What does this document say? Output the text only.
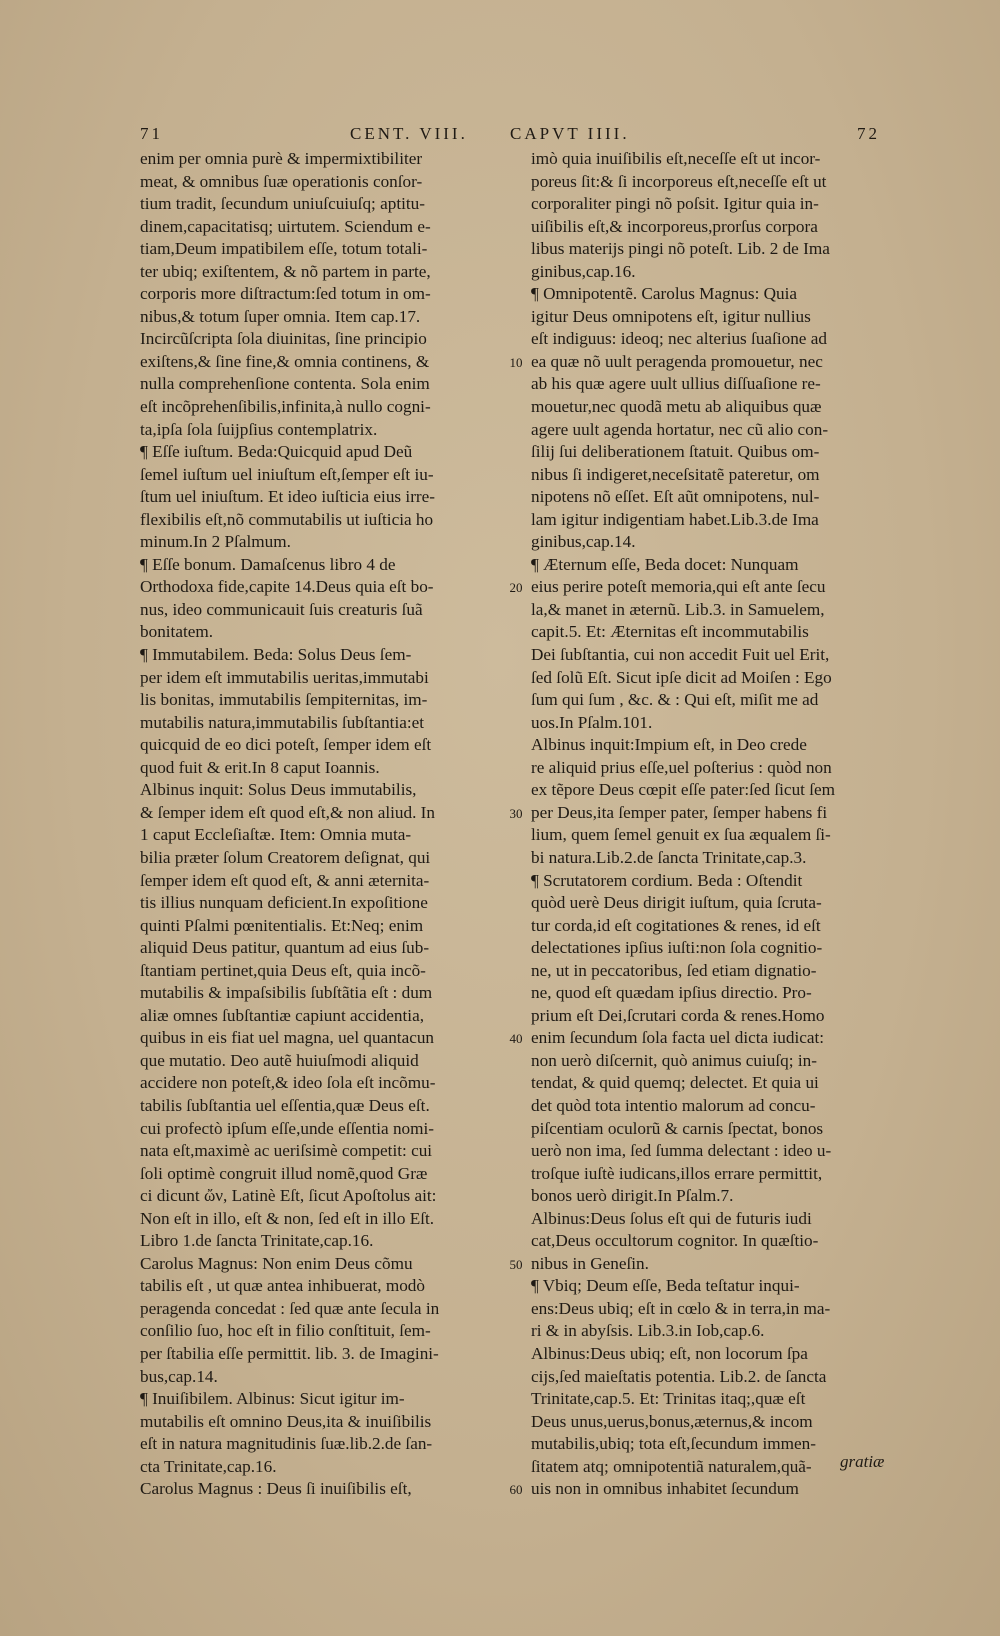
71	CENT. VIII. CAPVT IIII.	72
enim per omnia purè & impermixtibiliter
meat, & omnibus ſuæ operationis conſor-
tium tradit, ſecundum uniuſcuiuſq; aptitu-
dinem,capacitatisq; uirtutem. Sciendum e-
tiam,Deum impatibilem eſſe, totum totali-
ter ubiq; exiſtentem, & nõ partem in parte,
corporis more diſtractum:ſed totum in om-
nibus,& totum ſuper omnia. Item cap.17.
Incircũſcripta ſola diuinitas, ſine principio
exiſtens,& ſine fine,& omnia continens, &
nulla comprehenſione contenta. Sola enim
eſt incõprehenſibilis,infinita,à nullo cogni-
ta,ipſa ſola ſuijpſius contemplatrix.
¶ Eſſe iuſtum. Beda:Quicquid apud Deũ
ſemel iuſtum uel iniuſtum eſt,ſemper eſt iu-
ſtum uel iniuſtum. Et ideo iuſticia eius irre-
flexibilis eſt,nõ commutabilis ut iuſticia ho
minum.In 2 Pſalmum.
¶ Eſſe bonum. Damaſcenus libro 4 de
Orthodoxa fide,capite 14.Deus quia eſt bo-
nus, ideo communicauit ſuis creaturis ſuã
bonitatem.
¶ Immutabilem. Beda: Solus Deus ſem-
per idem eſt immutabilis ueritas,immutabi
lis bonitas, immutabilis ſempiternitas, im-
mutabilis natura,immutabilis ſubſtantia:et
quicquid de eo dici poteſt, ſemper idem eſt
quod fuit & erit.In 8 caput Ioannis.
Albinus inquit: Solus Deus immutabilis,
& ſemper idem eſt quod eſt,& non aliud. In
1 caput Eccleſiaſtæ. Item: Omnia muta-
bilia præter ſolum Creatorem deſignat, qui
ſemper idem eſt quod eſt, & anni æternita-
tis illius nunquam deficient.In expoſitione
quinti Pſalmi pœnitentialis. Et:Neq; enim
aliquid Deus patitur, quantum ad eius ſub-
ſtantiam pertinet,quia Deus eſt, quia incõ-
mutabilis & impaſsibilis ſubſtãtia eſt : dum
aliæ omnes ſubſtantiæ capiunt accidentia,
quibus in eis fiat uel magna, uel quantacun
que mutatio. Deo autẽ huiuſmodi aliquid
accidere non poteſt,& ideo ſola eſt incõmu-
tabilis ſubſtantia uel eſſentia,quæ Deus eſt.
cui profectò ipſum eſſe,unde eſſentia nomi-
nata eſt,maximè ac ueriſsimè competit: cui
ſoli optimè congruit illud nomẽ,quod Græ
ci dicunt ὤν, Latinè Eſt, ſicut Apoſtolus ait:
Non eſt in illo, eſt & non, ſed eſt in illo Eſt.
Libro 1.de ſancta Trinitate,cap.16.
Carolus Magnus: Non enim Deus cõmu
tabilis eſt , ut quæ antea inhibuerat, modò
peragenda concedat : ſed quæ ante ſecula in
conſilio ſuo, hoc eſt in filio conſtituit, ſem-
per ſtabilia eſſe permittit. lib. 3. de Imagini-
bus,cap.14.
¶ Inuiſibilem. Albinus: Sicut igitur im-
mutabilis eſt omnino Deus,ita & inuiſibilis
eſt in natura magnitudinis ſuæ.lib.2.de ſan-
cta Trinitate,cap.16.
Carolus Magnus : Deus ſi inuiſibilis eſt,
imò quia inuiſibilis eſt,neceſſe eſt ut incor-
poreus ſit:& ſi incorporeus eſt,neceſſe eſt ut
corporaliter pingi nõ poſsit. Igitur quia in-
uiſibilis eſt,& incorporeus,prorſus corpora
libus materijs pingi nõ poteſt. Lib. 2 de Ima
ginibus,cap.16.
¶ Omnipotentẽ. Carolus Magnus: Quia
igitur Deus omnipotens eſt, igitur nullius
eſt indiguus: ideoq; nec alterius ſuaſione ad
ea quæ nõ uult peragenda promouetur, nec
ab his quæ agere uult ullius diſſuaſione re-
mouetur,nec quodã metu ab aliquibus quæ
agere uult agenda hortatur, nec cũ alio con-
ſilij ſui deliberationem ſtatuit. Quibus om-
nibus ſi indigeret,neceſsitatẽ pateretur, om
nipotens nõ eſſet. Eſt aũt omnipotens, nul-
lam igitur indigentiam habet.Lib.3.de Ima
ginibus,cap.14.
¶ Æternum eſſe, Beda docet: Nunquam
eius perire poteſt memoria,qui eſt ante ſecu
la,& manet in æternũ. Lib.3. in Samuelem,
capit.5. Et: Æternitas eſt incommutabilis
Dei ſubſtantia, cui non accedit Fuit uel Erit,
ſed ſolũ Eſt. Sicut ipſe dicit ad Moiſen : Ego
ſum qui ſum , &c. & : Qui eſt, miſit me ad
uos.In Pſalm.101.
Albinus inquit:Impium eſt, in Deo crede
re aliquid prius eſſe,uel poſterius : quòd non
ex tẽpore Deus cœpit eſſe pater:ſed ſicut ſem
per Deus,ita ſemper pater, ſemper habens fi
lium, quem ſemel genuit ex ſua æqualem ſi-
bi natura.Lib.2.de ſancta Trinitate,cap.3.
¶ Scrutatorem cordium. Beda : Oſtendit
quòd uerè Deus dirigit iuſtum, quia ſcruta-
tur corda,id eſt cogitationes & renes, id eſt
delectationes ipſius iuſti:non ſola cognitio-
ne, ut in peccatoribus, ſed etiam dignatio-
ne, quod eſt quædam ipſius directio. Pro-
prium eſt Dei,ſcrutari corda & renes.Homo
enim ſecundum ſola facta uel dicta iudicat:
non uerò diſcernit, quò animus cuiuſq; in-
tendat, & quid quemq; delectet. Et quia ui
det quòd tota intentio malorum ad concu-
piſcentiam oculorũ & carnis ſpectat, bonos
uerò non ima, ſed ſumma delectant : ideo u-
troſque iuſtè iudicans,illos errare permittit,
bonos uerò dirigit.In Pſalm.7.
Albinus:Deus ſolus eſt qui de futuris iudi
cat,Deus occultorum cognitor. In quæſtio-
nibus in Geneſin.
¶ Vbiq; Deum eſſe, Beda teſtatur inqui-
ens:Deus ubiq; eſt in cœlo & in terra,in ma-
ri & in abyſsis. Lib.3.in Iob,cap.6.
Albinus:Deus ubiq; eſt, non locorum ſpa
cijs,ſed maieſtatis potentia. Lib.2. de ſancta
Trinitate,cap.5. Et: Trinitas itaq;,quæ eſt
Deus unus,uerus,bonus,æternus,& incom
mutabilis,ubiq; tota eſt,ſecundum immen-
ſitatem atq; omnipotentiã naturalem,quã-
uis non in omnibus inhabitet ſecundum
10
20
30
40
50
60
gratiæ
